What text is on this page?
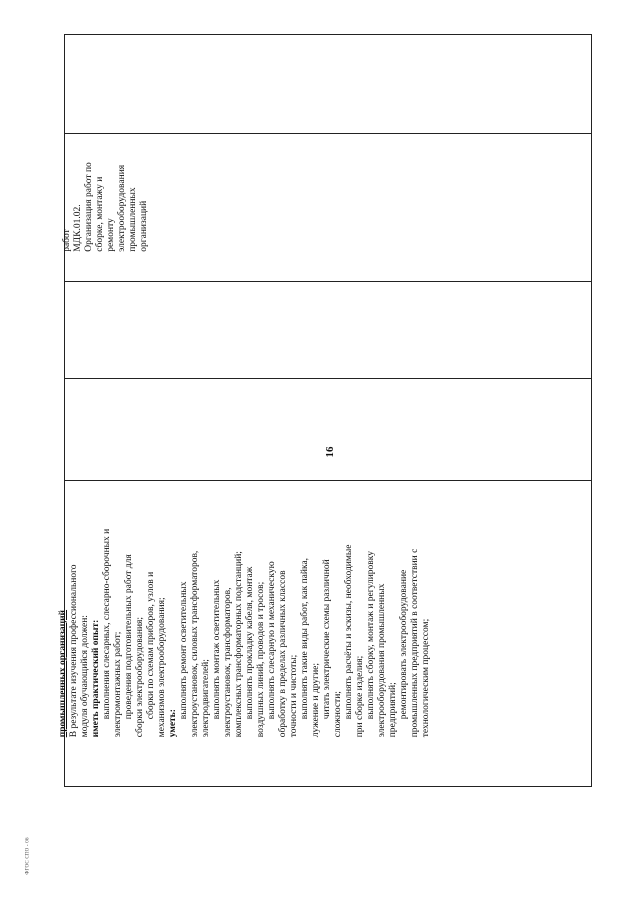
16
ФГОС СПО - 06
работ МДК.01.02. Организация работ по сборке, монтажу и ремонту электрооборудования промышленных организаций
промышленных организаций В результате изучения профессионального модуля обучающийся должен: иметь практический опыт: выполнения слесарных, слесарно-сборочных и электромонтажных работ; проведения подготовительных работ для сборки электрооборудования; сборки по схемам приборов, узлов и механизмов электрооборудования; уметь:
выполнять ремонт осветительных электроустановок, силовых трансформаторов, электродвигателей; выполнять монтаж осветительных электроустановок, трансформаторов, комплексных трансформаторных подстанций; выполнять прокладку кабеля, монтаж воздушных линий, проводов и тросов; выполнять слесарную и механическую обработку в пределах различных классов точности и чистоты; выполнять такие виды работ, как пайка, лужение и другие; читать электрические схемы различной сложности; выполнять расчёты и эскизы, необходимые при сборке изделия; выполнять сборку, монтаж и регулировку электрооборудования промышленных предприятий; ремонтировать электрооборудование промышленных предприятий в соответствии с технологическим процессом;
